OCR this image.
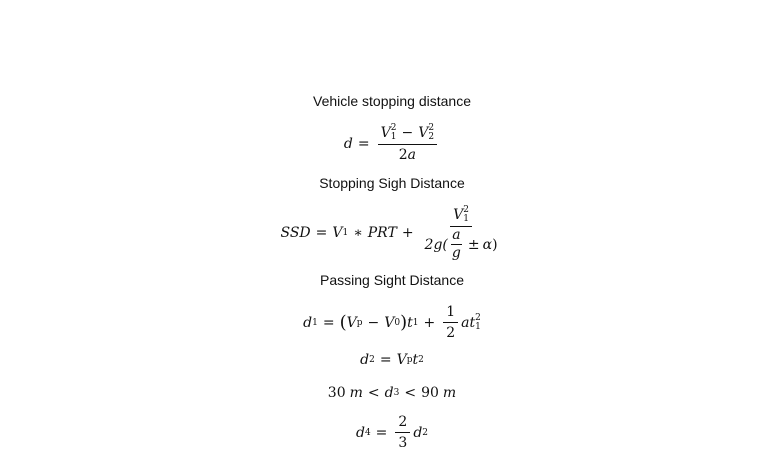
Vehicle stopping distance
d = V 2
1 − V 2
2
2 a
Stopping Sigh Distance
SSD = V 1 ∗ PRT +
V 2
1
$2g( \frac{a}{g} \pm \alpha$ )
Passing Sight Distance
d 1 = ( V p − V 0 ) t $1 + \frac{1}{2}$ at 2
1
d 2 = V p t 2
30 m < d 3 < 90 m
d $4 = \frac{2}{3}$ d 2
